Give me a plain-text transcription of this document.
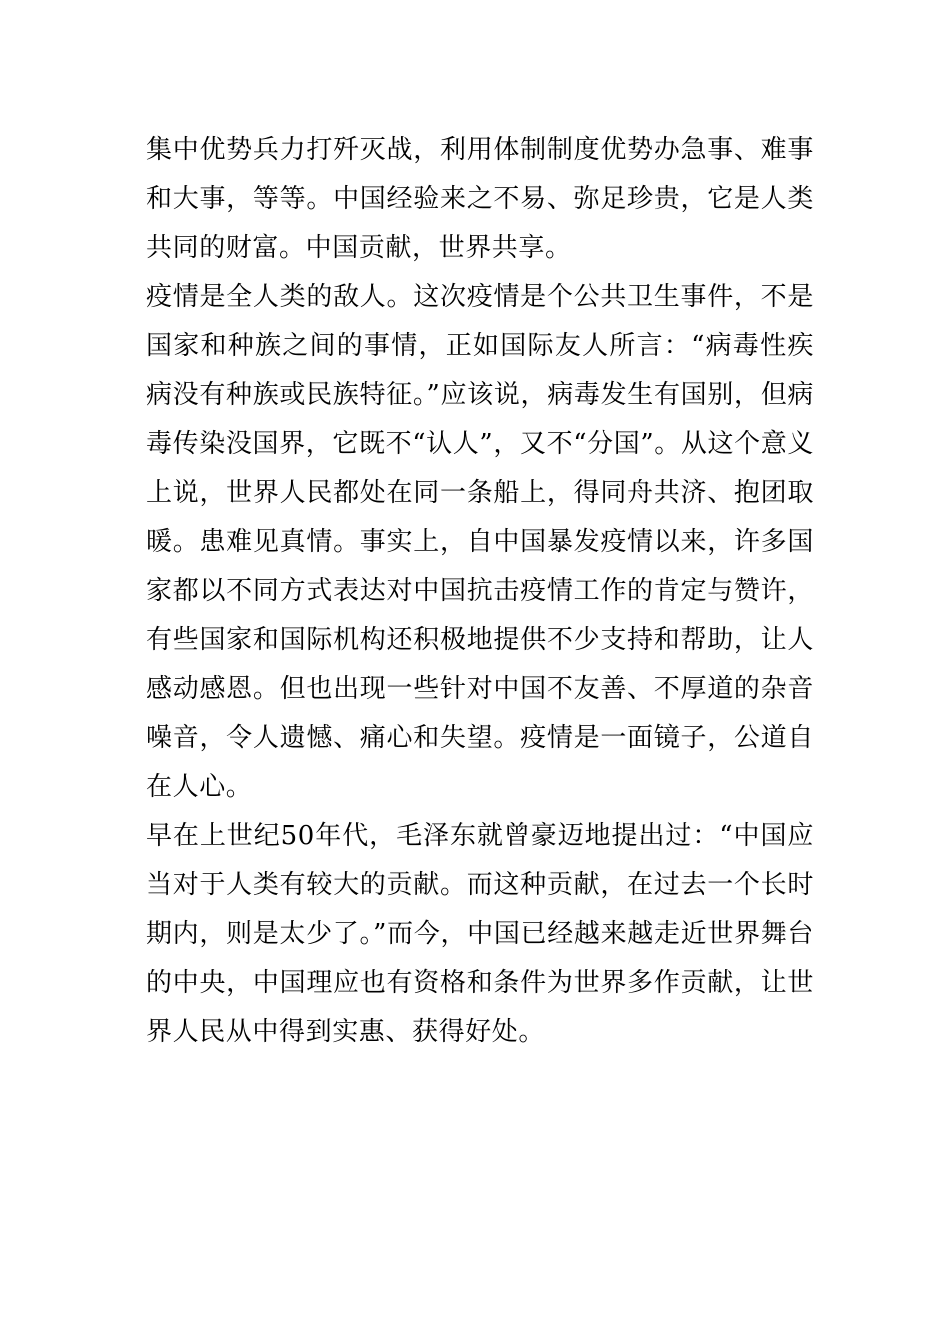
集中优势兵力打歼灭战，利用体制制度优势办急事、难事和大事，等等。中国经验来之不易、弥足珍贵，它是人类共同的财富。中国贡献，世界共享。

疫情是全人类的敌人。这次疫情是个公共卫生事件，不是国家和种族之间的事情，正如国际友人所言：“病毒性疾病没有种族或民族特征。”应该说，病毒发生有国别，但病毒传染没国界，它既不“认人”，又不“分国”。从这个意义上说，世界人民都处在同一条船上，得同舟共济、抱团取暖。患难见真情。事实上，自中国暴发疫情以来，许多国家都以不同方式表达对中国抗击疫情工作的肯定与赞许，有些国家和国际机构还积极地提供不少支持和帮助，让人感动感恩。但也出现一些针对中国不友善、不厚道的杂音噪音，令人遗憾、痛心和失望。疫情是一面镜子，公道自在人心。

早在上世纪50年代，毛泽东就曾豪迈地提出过：“中国应当对于人类有较大的贡献。而这种贡献，在过去一个长时期内，则是太少了。”而今，中国已经越来越走近世界舞台的中央，中国理应也有资格和条件为世界多作贡献，让世界人民从中得到实惠、获得好处。
